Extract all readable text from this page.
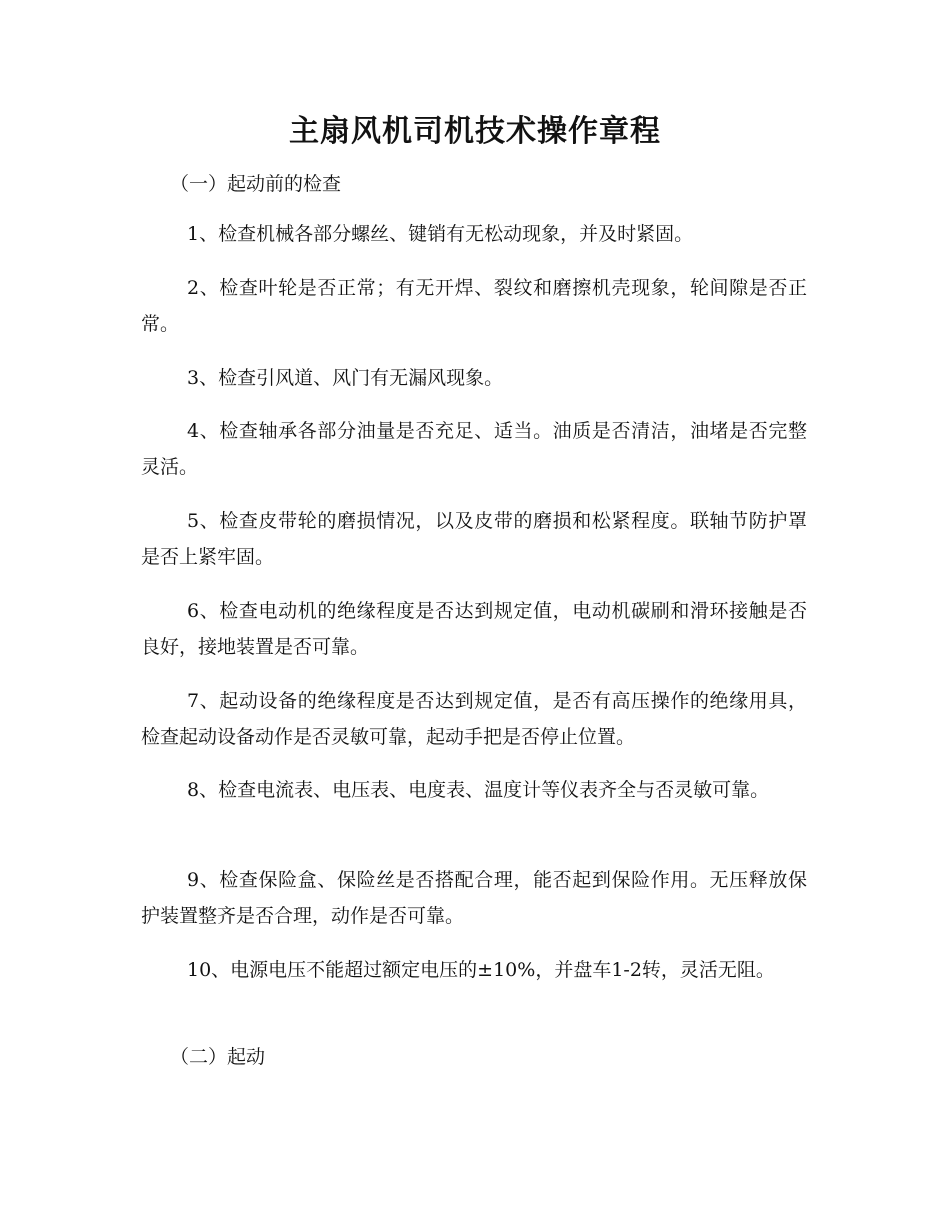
主扇风机司机技术操作章程

（一）起动前的检查

1、检查机械各部分螺丝、键销有无松动现象，并及时紧固。

2、检查叶轮是否正常；有无开焊、裂纹和磨擦机壳现象，轮间隙是否正常。

3、检查引风道、风门有无漏风现象。

4、检查轴承各部分油量是否充足、适当。油质是否清洁，油堵是否完整灵活。

5、检查皮带轮的磨损情况，以及皮带的磨损和松紧程度。联轴节防护罩是否上紧牢固。

6、检查电动机的绝缘程度是否达到规定值，电动机碳刷和滑环接触是否良好，接地装置是否可靠。

7、起动设备的绝缘程度是否达到规定值，是否有高压操作的绝缘用具，检查起动设备动作是否灵敏可靠，起动手把是否停止位置。

8、检查电流表、电压表、电度表、温度计等仪表齐全与否灵敏可靠。

9、检查保险盒、保险丝是否搭配合理，能否起到保险作用。无压释放保护装置整齐是否合理，动作是否可靠。

10、电源电压不能超过额定电压的±10%，并盘车1-2转，灵活无阻。

（二）起动
